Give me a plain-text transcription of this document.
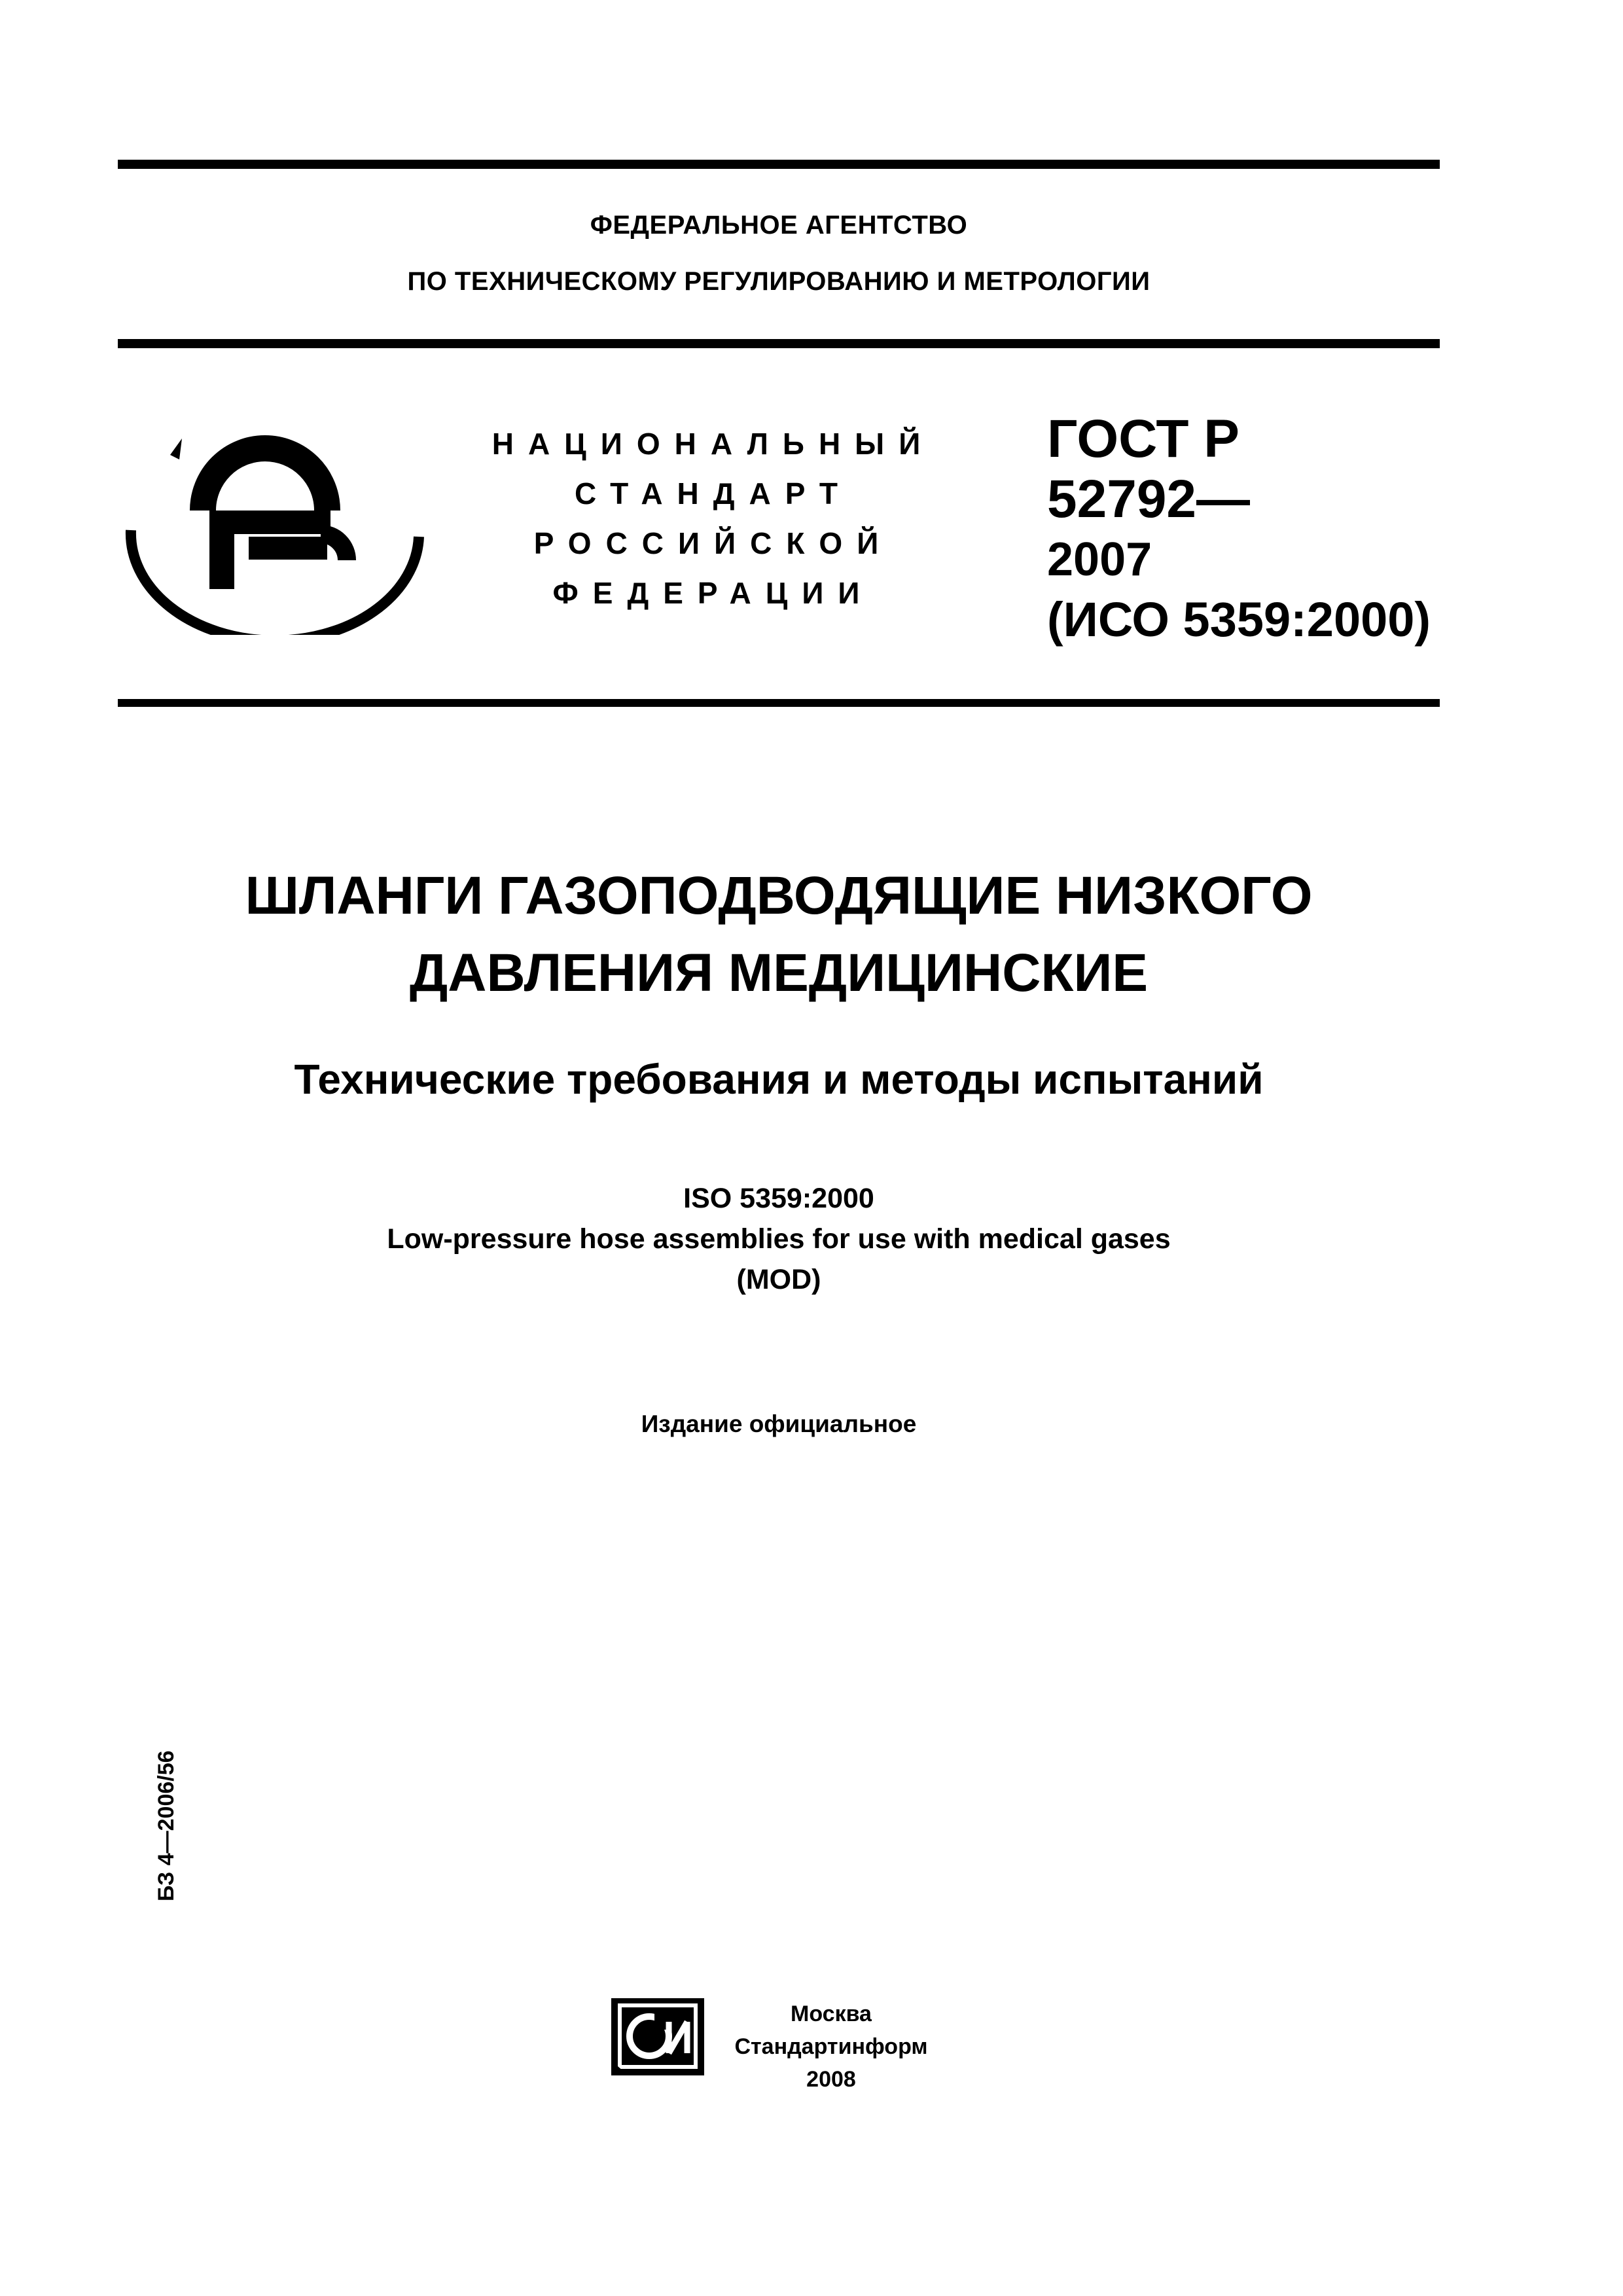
ФЕДЕРАЛЬНОЕ АГЕНТСТВО
ПО ТЕХНИЧЕСКОМУ РЕГУЛИРОВАНИЮ И МЕТРОЛОГИИ
НАЦИОНАЛЬНЫЙ
СТАНДАРТ
РОССИЙСКОЙ
ФЕДЕРАЦИИ
ГОСТ Р
52792—
2007
(ИСО 5359:2000)
ШЛАНГИ ГАЗОПОДВОДЯЩИЕ НИЗКОГО
ДАВЛЕНИЯ МЕДИЦИНСКИЕ
Технические требования и методы испытаний
ISO 5359:2000
Low-pressure hose assemblies for use with medical gases
(MOD)
Издание официальное
БЗ 4—2006/56
Москва
Стандартинформ
2008
